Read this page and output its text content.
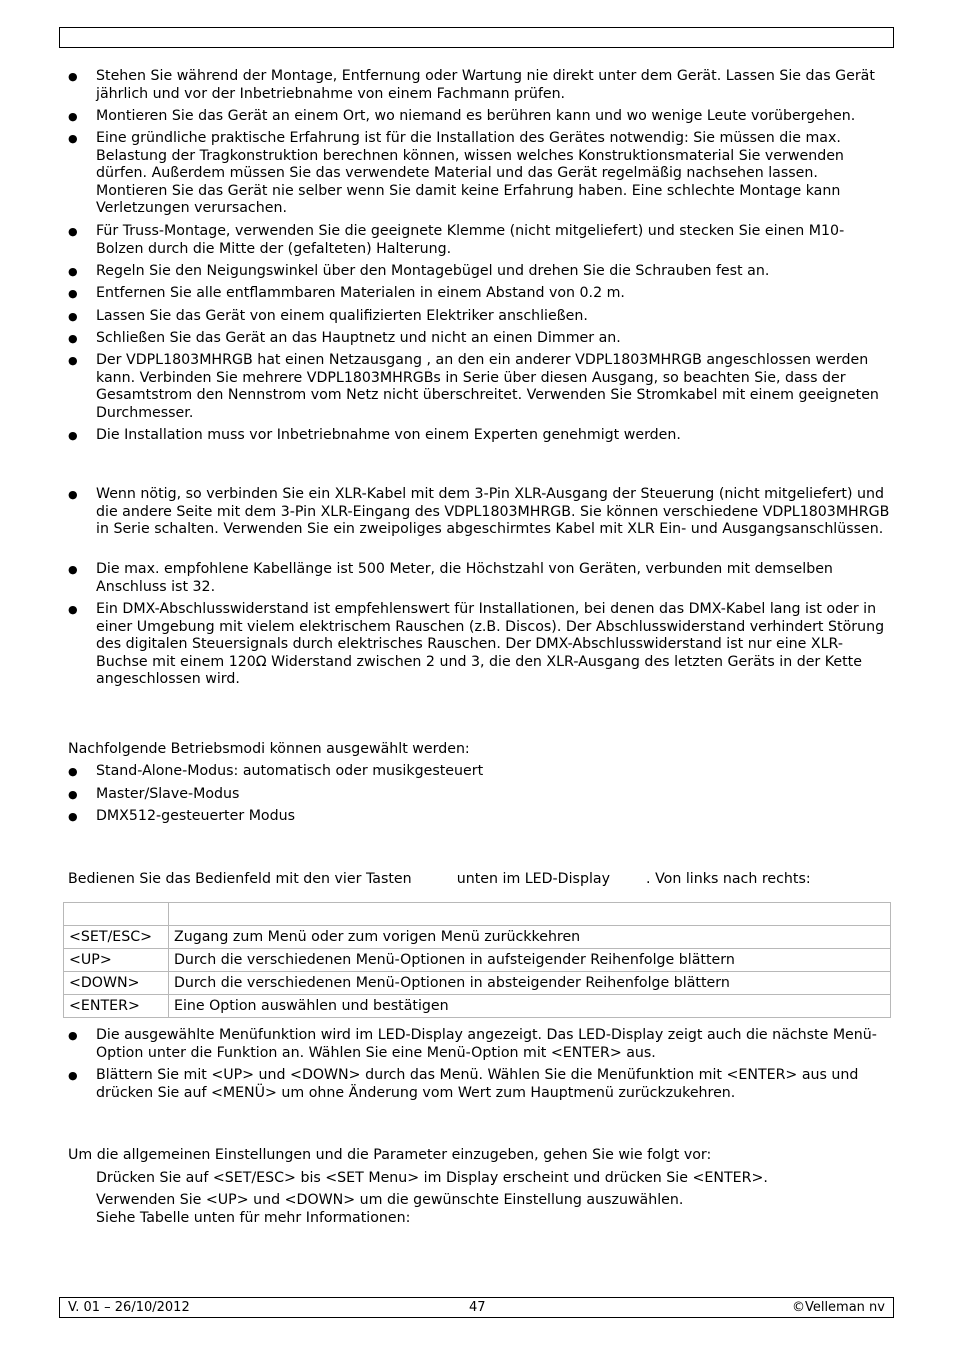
● Stehen Sie während der Montage, Entfernung oder Wartung nie direkt unter dem Gerät. Lassen Sie das Gerät jährlich und vor der Inbetriebnahme von einem Fachmann prüfen.
● Montieren Sie das Gerät an einem Ort, wo niemand es berühren kann und wo wenige Leute vorübergehen.
● Eine gründliche praktische Erfahrung ist für die Installation des Gerätes notwendig: Sie müssen die max. Belastung der Tragkonstruktion berechnen können, wissen welches Konstruktionsmaterial Sie verwenden dürfen. Außerdem müssen Sie das verwendete Material und das Gerät regelmäßig nachsehen lassen. Montieren Sie das Gerät nie selber wenn Sie damit keine Erfahrung haben. Eine schlechte Montage kann Verletzungen verursachen.
● Für Truss-Montage, verwenden Sie die geeignete Klemme (nicht mitgeliefert) und stecken Sie einen M10-Bolzen durch die Mitte der (gefalteten) Halterung.
● Regeln Sie den Neigungswinkel über den Montagebügel und drehen Sie die Schrauben fest an.
● Entfernen Sie alle entflammbaren Materialen in einem Abstand von 0.2 m.
● Lassen Sie das Gerät von einem qualifizierten Elektriker anschließen.
● Schließen Sie das Gerät an das Hauptnetz und nicht an einen Dimmer an.
● Der VDPL1803MHRGB hat einen Netzausgang , an den ein anderer VDPL1803MHRGB angeschlossen werden kann. Verbinden Sie mehrere VDPL1803MHRGBs in Serie über diesen Ausgang, so beachten Sie, dass der Gesamtstrom den Nennstrom vom Netz nicht überschreitet. Verwenden Sie Stromkabel mit einem geeigneten Durchmesser.
● Die Installation muss vor Inbetriebnahme von einem Experten genehmigt werden.
● Wenn nötig, so verbinden Sie ein XLR-Kabel mit dem 3-Pin XLR-Ausgang der Steuerung (nicht mitgeliefert) und die andere Seite mit dem 3-Pin XLR-Eingang des VDPL1803MHRGB. Sie können verschiedene VDPL1803MHRGB in Serie schalten. Verwenden Sie ein zweipoliges abgeschirmtes Kabel mit XLR Ein- und Ausgangsanschlüssen.
● Die max. empfohlene Kabellänge ist 500 Meter, die Höchstzahl von Geräten, verbunden mit demselben Anschluss ist 32.
● Ein DMX-Abschlusswiderstand ist empfehlenswert für Installationen, bei denen das DMX-Kabel lang ist oder in einer Umgebung mit vielem elektrischem Rauschen (z.B. Discos). Der Abschlusswiderstand verhindert Störung des digitalen Steuersignals durch elektrisches Rauschen. Der DMX-Abschlusswiderstand ist nur eine XLR-Buchse mit einem 120Ω Widerstand zwischen 2 und 3, die den XLR-Ausgang des letzten Geräts in der Kette angeschlossen wird.
Nachfolgende Betriebsmodi können ausgewählt werden:
● Stand-Alone-Modus: automatisch oder musikgesteuert
● Master/Slave-Modus
● DMX512-gesteuerter Modus
Bedienen Sie das Bedienfeld mit den vier Tasten          unten im LED-Display        . Von links nach rechts:

<SET/ESC>	Zugang zum Menü oder zum vorigen Menü zurückkehren
<UP>	Durch die verschiedenen Menü-Optionen in aufsteigender Reihenfolge blättern
<DOWN>	Durch die verschiedenen Menü-Optionen in absteigender Reihenfolge blättern
<ENTER>	Eine Option auswählen und bestätigen
● Die ausgewählte Menüfunktion wird im LED-Display angezeigt. Das LED-Display zeigt auch die nächste Menü-Option unter die Funktion an. Wählen Sie eine Menü-Option mit <ENTER> aus.
● Blättern Sie mit <UP> und <DOWN> durch das Menü. Wählen Sie die Menüfunktion mit <ENTER> aus und drücken Sie auf <MENÜ> um ohne Änderung vom Wert zum Hauptmenü zurückzukehren.
Um die allgemeinen Einstellungen und die Parameter einzugeben, gehen Sie wie folgt vor:
Drücken Sie auf <SET/ESC> bis <SET Menu> im Display erscheint und drücken Sie <ENTER>.
Verwenden Sie <UP> und <DOWN> um die gewünschte Einstellung auszuwählen.
Siehe Tabelle unten für mehr Informationen:
V. 01 – 26/10/2012	47	©Velleman nv
